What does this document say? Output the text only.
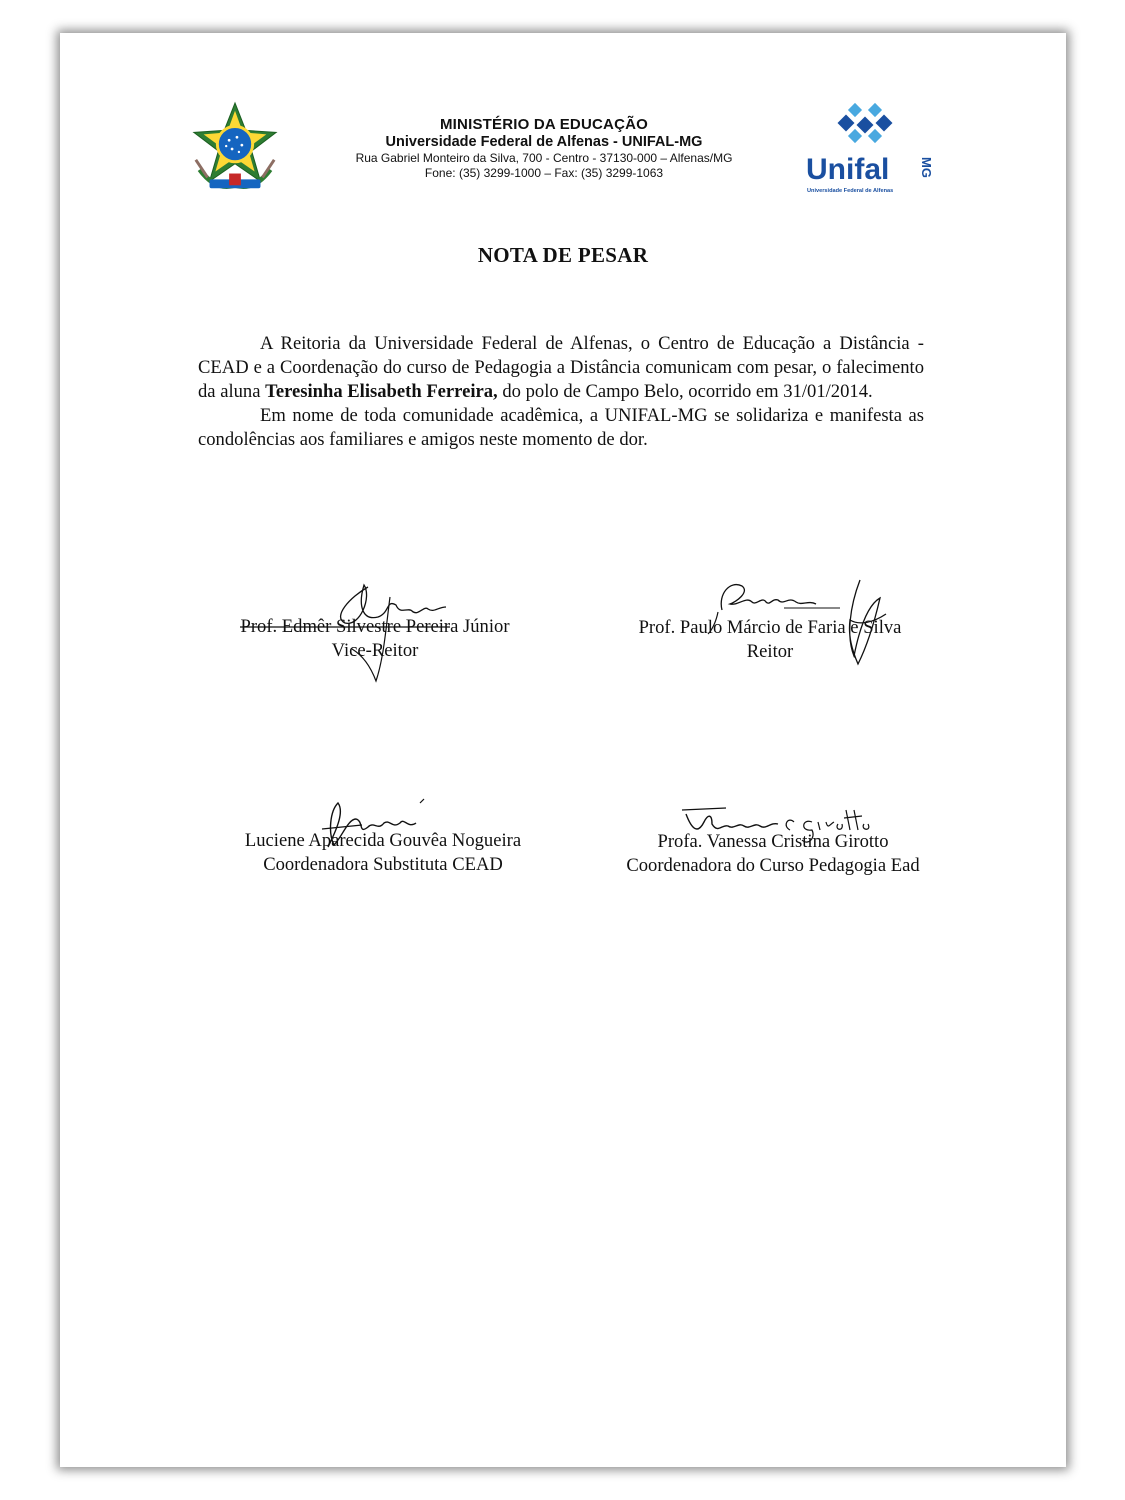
MINISTÉRIO DA EDUCAÇÃO
Universidade Federal de Alfenas - UNIFAL-MG
Rua Gabriel Monteiro da Silva, 700 - Centro - 37130-000 – Alfenas/MG
Fone: (35) 3299-1000 – Fax: (35) 3299-1063	Unifal MG
Universidade Federal de Alfenas
NOTA DE PESAR

A Reitoria da Universidade Federal de Alfenas, o Centro de Educação a Distância - CEAD e a Coordenação do curso de Pedagogia a Distância comunicam com pesar, o falecimento da aluna Teresinha Elisabeth Ferreira, do polo de Campo Belo, ocorrido em 31/01/2014.

Em nome de toda comunidade acadêmica, a UNIFAL-MG se solidariza e manifesta as condolências aos familiares e amigos neste momento de dor.

Prof. Edmêr Silvestre Pereira Júnior
Vice-Reitor
Prof. Paulo Márcio de Faria e Silva
Reitor
Luciene Aparecida Gouvêa Nogueira
Coordenadora Substituta CEAD
Profa. Vanessa Cristina Girotto
Coordenadora do Curso Pedagogia Ead
